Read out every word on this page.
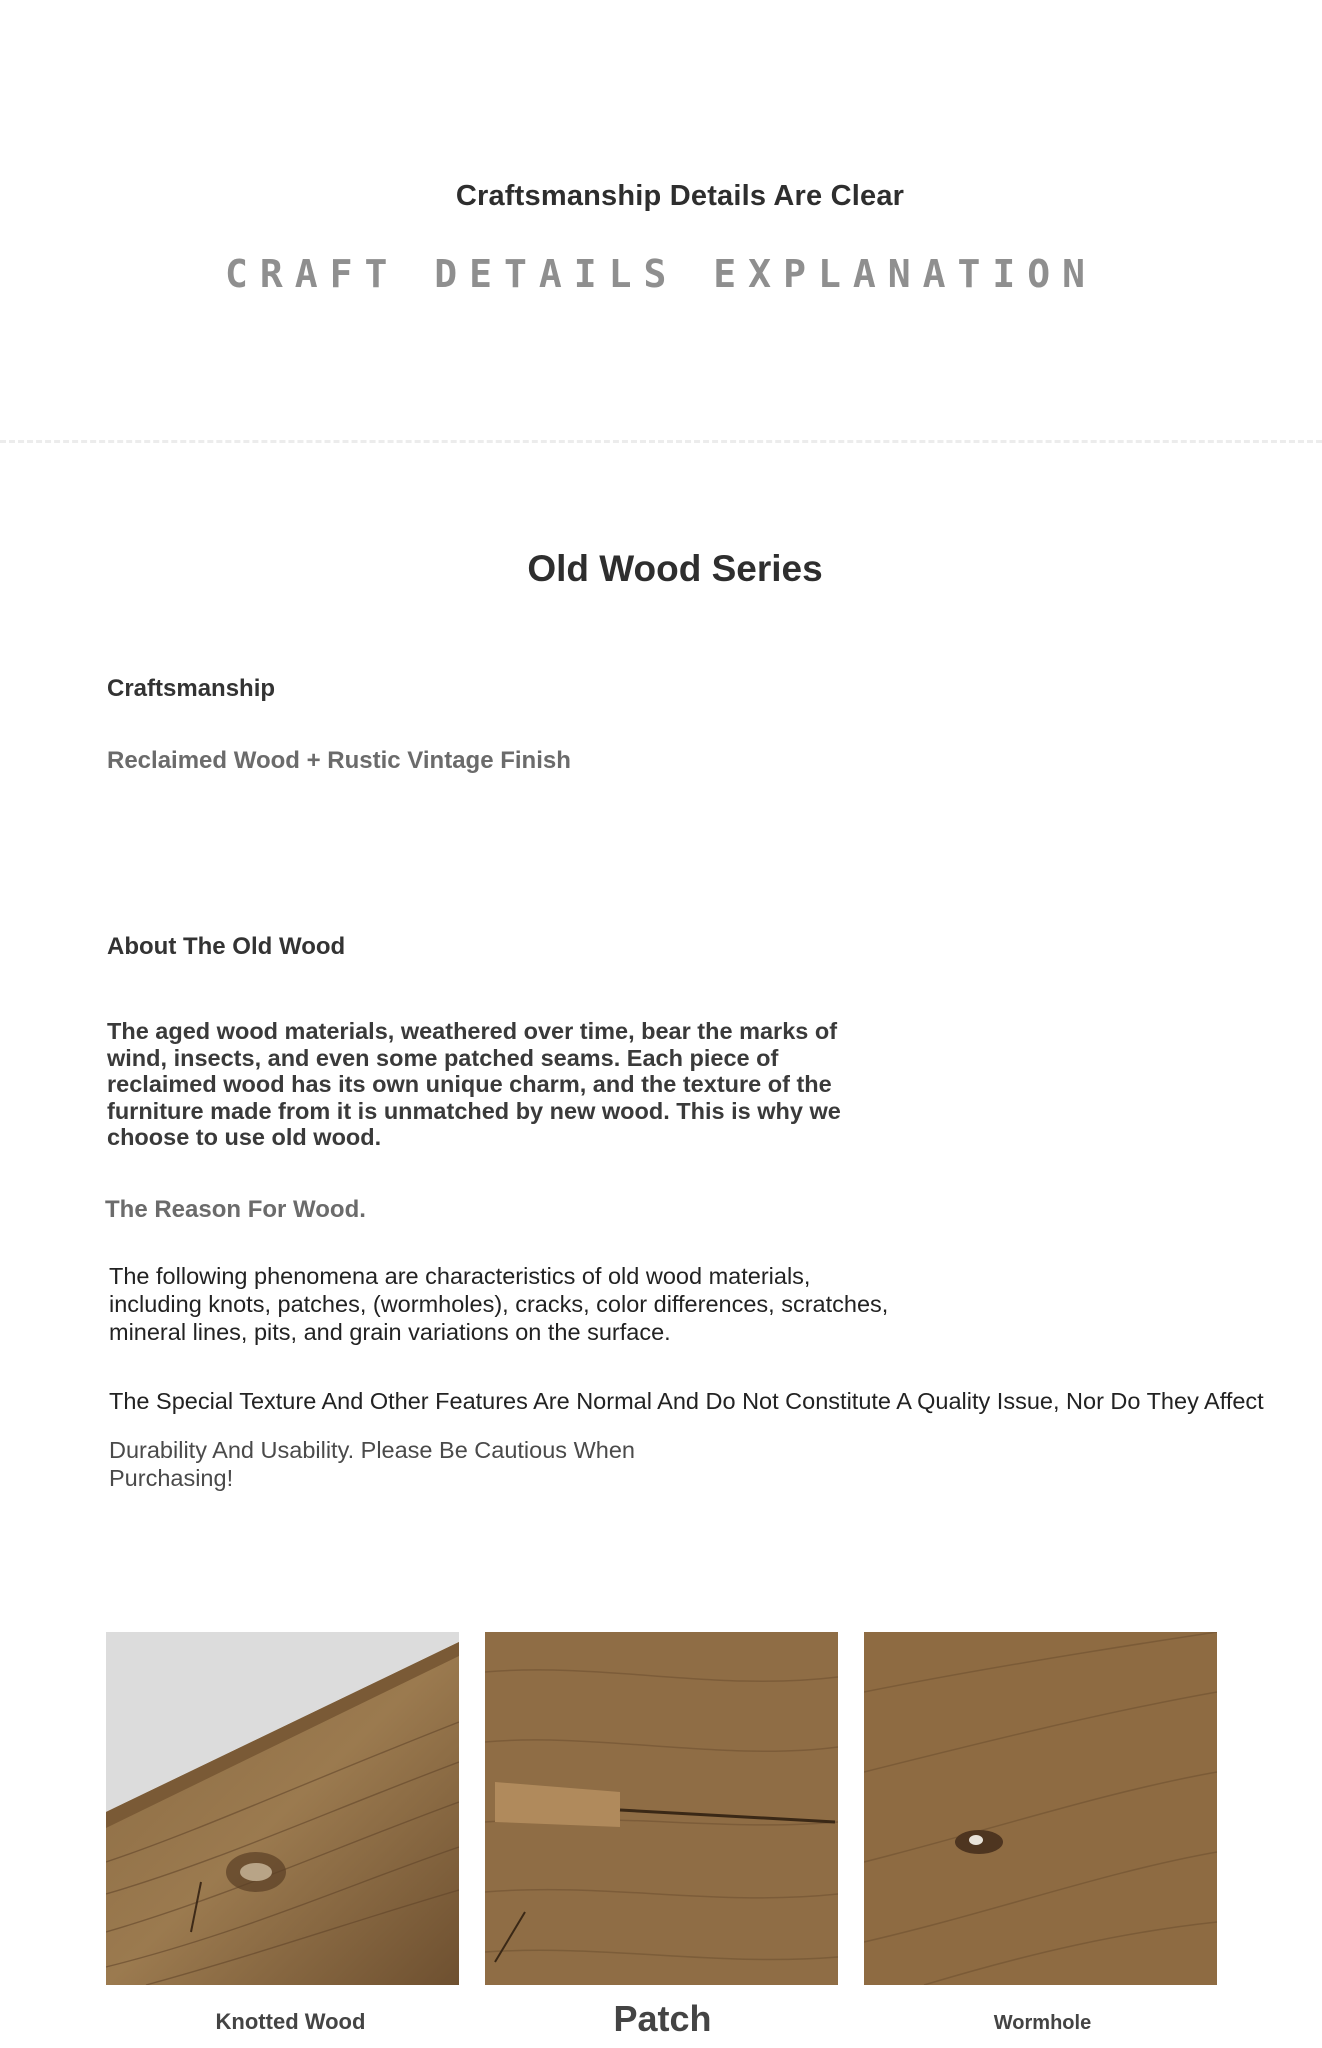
Craftsmanship Details Are Clear
CRAFT DETAILS EXPLANATION
Old Wood Series
Craftsmanship
Reclaimed Wood + Rustic Vintage Finish
About The Old Wood
The aged wood materials, weathered over time, bear the marks of wind, insects, and even some patched seams. Each piece of reclaimed wood has its own unique charm, and the texture of the furniture made from it is unmatched by new wood. This is why we choose to use old wood.
The Reason For Wood.
The following phenomena are characteristics of old wood materials, including knots, patches, (wormholes), cracks, color differences, scratches, mineral lines, pits, and grain variations on the surface.
The Special Texture And Other Features Are Normal And Do Not Constitute A Quality Issue, Nor Do They Affect
Durability And Usability. Please Be Cautious When Purchasing!
Knotted Wood	Patch	Wormhole
